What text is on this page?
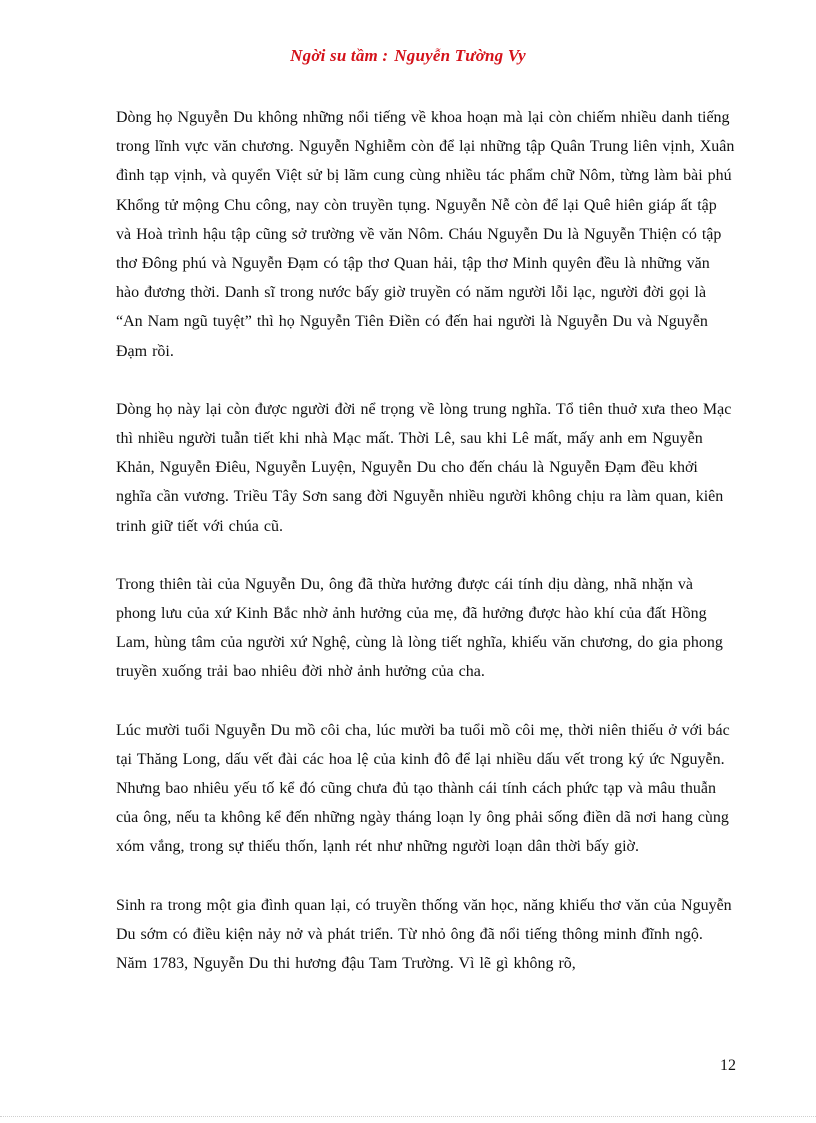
Ngời su tầm : Nguyễn Tường Vy

Dòng họ Nguyễn Du không những nổi tiếng về khoa hoạn mà lại còn chiếm nhiều danh tiếng trong lĩnh vực văn chương. Nguyễn Nghiễm còn để lại những tập Quân Trung liên vịnh, Xuân đình tạp vịnh, và quyển Việt sử bị lãm cung cùng nhiều tác phẩm chữ Nôm, từng làm bài phú Khổng tử mộng Chu công, nay còn truyền tụng. Nguyễn Nễ còn để lại Quê hiên giáp ất tập và Hoà trình hậu tập cũng sở trường về văn Nôm. Cháu Nguyễn Du là Nguyễn Thiện có tập thơ Đông phú và Nguyễn Đạm có tập thơ Quan hải, tập thơ Minh quyên đều là những văn hào đương thời. Danh sĩ trong nước bấy giờ truyền có năm người lỗi lạc, người đời gọi là “An Nam ngũ tuyệt” thì họ Nguyễn Tiên Điền có đến hai người là Nguyễn Du và Nguyễn Đạm rồi.

Dòng họ này lại còn được người đời nể trọng về lòng trung nghĩa. Tổ tiên thuở xưa theo Mạc thì nhiều người tuẫn tiết khi nhà Mạc mất. Thời Lê, sau khi Lê mất, mấy anh em Nguyễn Khản, Nguyễn Điêu, Nguyễn Luyện, Nguyễn Du cho đến cháu là Nguyễn Đạm đều khởi nghĩa cần vương. Triều Tây Sơn sang đời Nguyễn nhiều người không chịu ra làm quan, kiên trinh giữ tiết với chúa cũ.

Trong thiên tài của Nguyễn Du, ông đã thừa hưởng được cái tính dịu dàng, nhã nhặn và phong lưu của xứ Kinh Bắc nhờ ảnh hưởng của mẹ, đã hưởng được hào khí của đất Hồng Lam, hùng tâm của người xứ Nghệ, cùng là lòng tiết nghĩa, khiếu văn chương, do gia phong truyền xuống trải bao nhiêu đời nhờ ảnh hưởng của cha.

Lúc mười tuổi Nguyễn Du mồ côi cha, lúc mười ba tuổi mồ côi mẹ, thời niên thiếu ở với bác tại Thăng Long, dấu vết đài các hoa lệ của kinh đô để lại nhiều dấu vết trong ký ức Nguyễn. Nhưng bao nhiêu yếu tố kể đó cũng chưa đủ tạo thành cái tính cách phức tạp và mâu thuẫn của ông, nếu ta không kể đến những ngày tháng loạn ly ông phải sống điền dã nơi hang cùng xóm vắng, trong sự thiếu thốn, lạnh rét như những người loạn dân thời bấy giờ.

Sinh ra trong một gia đình quan lại, có truyền thống văn học, năng khiếu thơ văn của Nguyễn Du sớm có điều kiện nảy nở và phát triển. Từ nhỏ ông đã nổi tiếng thông minh đĩnh ngộ. Năm 1783, Nguyễn Du thi hương đậu Tam Trường. Vì lẽ gì không rõ,

12
